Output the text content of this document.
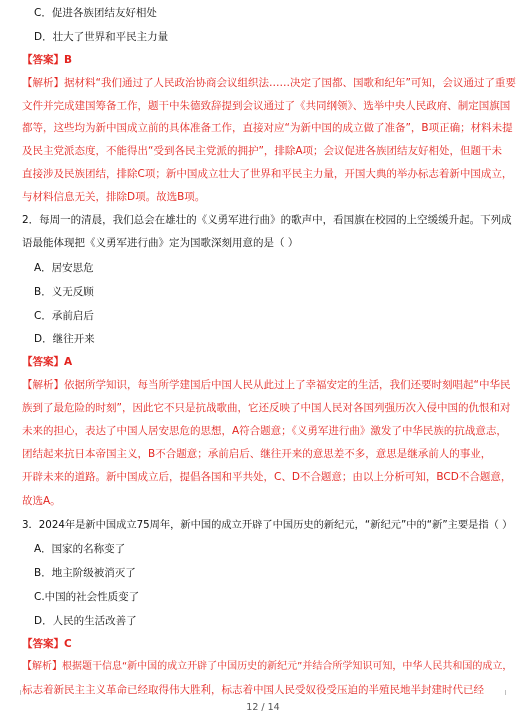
C．促进各族团结友好相处
D．壮大了世界和平民主力量
【答案】B
【解析】据材料“我们通过了人民政治协商会议组织法……决定了国都、国歌和纪年”可知，会议通过了重要
文件并完成建国筹备工作，题干中朱德致辞提到会议通过了《共同纲领》、选举中央人民政府、制定国旗国
都等，这些均为新中国成立前的具体准备工作，直接对应“为新中国的成立做了准备”，B项正确；材料未提
及民主党派态度，不能得出“受到各民主党派的拥护”，排除A项；会议促进各族团结友好相处，但题干未
直接涉及民族团结，排除C项；新中国成立壮大了世界和平民主力量，开国大典的举办标志着新中国成立，
与材料信息无关，排除D项。故选B项。
2．每周一的清晨，我们总会在雄壮的《义勇军进行曲》的歌声中，看国旗在校园的上空缓缓升起。下列成
语最能体现把《义勇军进行曲》定为国歌深刻用意的是（ ）
A．居安思危
B．义无反顾
C．承前启后
D．继往开来
【答案】A
【解析】依据所学知识，每当所学建国后中国人民从此过上了幸福安定的生活，我们还要时刻唱起“中华民
族到了最危险的时刻”，因此它不只是抗战歌曲，它还反映了中国人民对各国列强历次入侵中国的仇恨和对
未来的担心，表达了中国人居安思危的思想，A符合题意；《义勇军进行曲》激发了中华民族的抗战意志，
团结起来抗日本帝国主义，B不合题意；承前启后、继往开来的意思差不多，意思是继承前人的事业，
开辟未来的道路。新中国成立后，提倡各国和平共处，C、D不合题意；由以上分析可知，BCD不合题意，
故选A。
3．2024年是新中国成立75周年，新中国的成立开辟了中国历史的新纪元，“新纪元”中的“新”主要是指（ ）
A．国家的名称变了
B．地主阶级被消灭了
C.中国的社会性质变了
D．人民的生活改善了
【答案】C
【解析】根据题干信息“新中国的成立开辟了中国历史的新纪元”并结合所学知识可知，中华人民共和国的成立，
标志着新民主主义革命已经取得伟大胜利，标志着中国人民受奴役受压迫的半殖民地半封建时代已经
12 / 14
